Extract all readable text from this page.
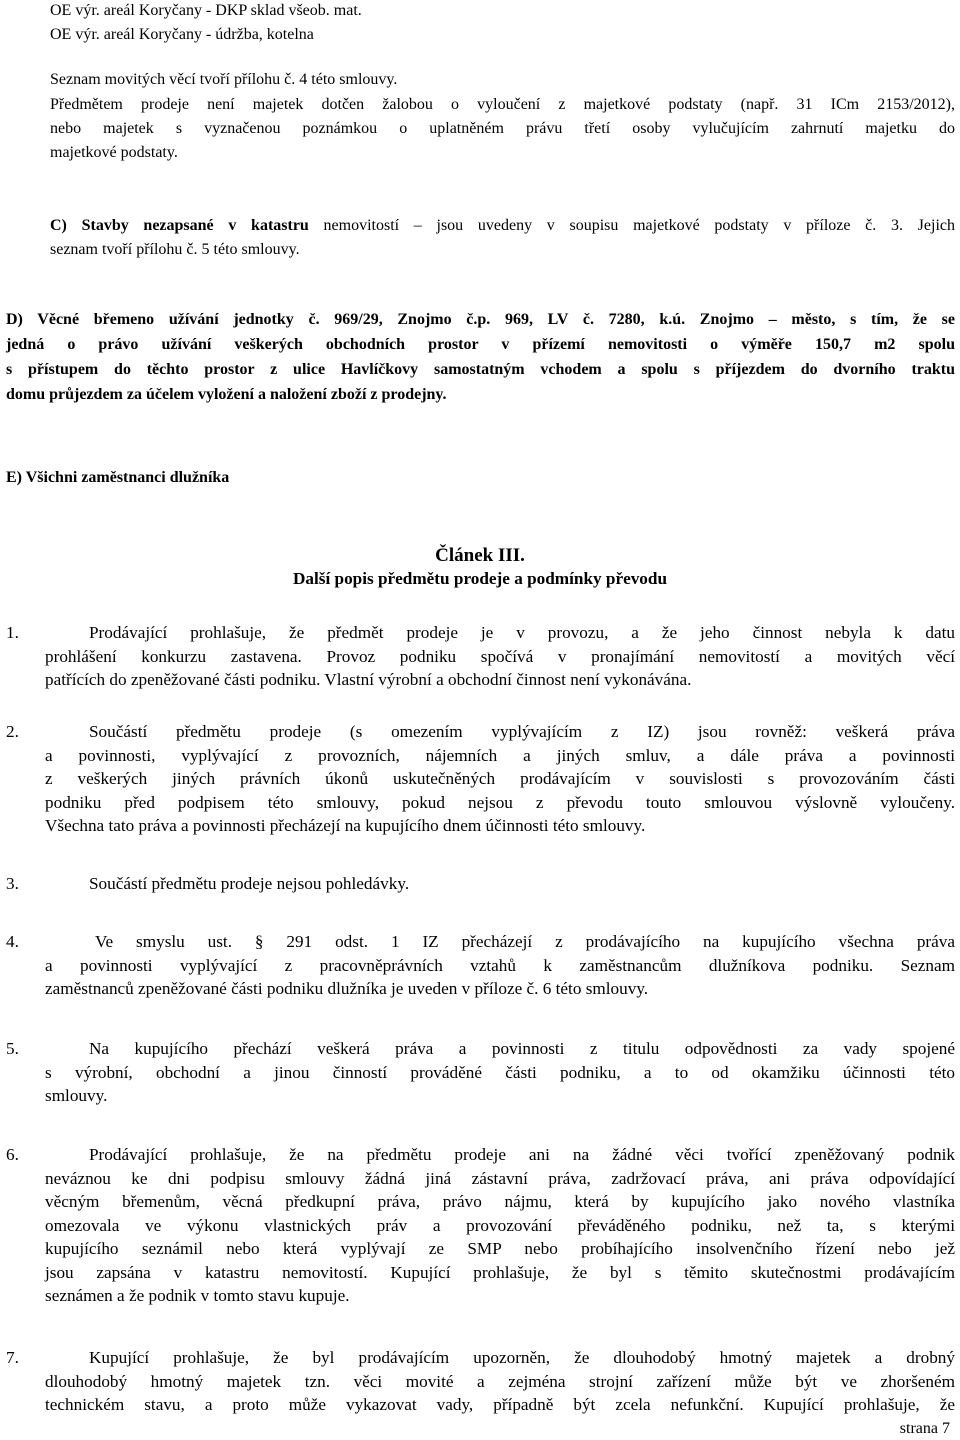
OE výr. areál Koryčany - DKP sklad všeob. mat.
OE výr. areál Koryčany - údržba, kotelna
Seznam movitých věcí tvoří přílohu č. 4 této smlouvy.
Předmětem prodeje není majetek dotčen žalobou o vyloučení z majetkové podstaty (např. 31 ICm 2153/2012),
nebo majetek s vyznačenou poznámkou o uplatněném právu třetí osoby vylučujícím zahrnutí majetku do
majetkové podstaty.
C) Stavby nezapsané v katastru nemovitostí – jsou uvedeny v soupisu majetkové podstaty v příloze č. 3. Jejich
seznam tvoří přílohu č. 5 této smlouvy.
D) Věcné břemeno užívání jednotky č. 969/29, Znojmo č.p. 969, LV č. 7280, k.ú. Znojmo – město, s tím, že se
jedná o právo užívání veškerých obchodních prostor v přízemí nemovitosti o výměře 150,7 m2 spolu
s přístupem do těchto prostor z ulice Havlíčkovy samostatným vchodem a spolu s příjezdem do dvorního traktu
domu průjezdem za účelem vyložení a naložení zboží z prodejny.
E) Všichni zaměstnanci dlužníka
Článek III.
Další popis předmětu prodeje a podmínky převodu
1.	Prodávající prohlašuje, že předmět prodeje je v provozu, a že jeho činnost nebyla k datu
prohlášení konkurzu zastavena. Provoz podniku spočívá v pronajímání nemovitostí a movitých věcí
patřících do zpeněžované části podniku. Vlastní výrobní a obchodní činnost není vykonávána.
2.	Součástí předmětu prodeje (s omezením vyplývajícím z IZ) jsou rovněž: veškerá práva
a povinnosti, vyplývající z provozních, nájemních a jiných smluv, a dále práva a povinnosti
z veškerých jiných právních úkonů uskutečněných prodávajícím v souvislosti s provozováním části
podniku před podpisem této smlouvy, pokud nejsou z převodu touto smlouvou výslovně vyloučeny.
Všechna tato práva a povinnosti přecházejí na kupujícího dnem účinnosti této smlouvy.
3.	Součástí předmětu prodeje nejsou pohledávky.
4.	Ve smyslu ust. § 291 odst. 1 IZ přecházejí z prodávajícího na kupujícího všechna práva
a povinnosti vyplývající z pracovněprávních vztahů k zaměstnancům dlužníkova podniku. Seznam
zaměstnanců zpeněžované části podniku dlužníka je uveden v příloze č. 6 této smlouvy.
5.	Na kupujícího přechází veškerá práva a povinnosti z titulu odpovědnosti za vady spojené
s výrobní, obchodní a jinou činností prováděné části podniku, a to od okamžiku účinnosti této
smlouvy.
6.	Prodávající prohlašuje, že na předmětu prodeje ani na žádné věci tvořící zpeněžovaný podnik
neváznou ke dni podpisu smlouvy žádná jiná zástavní práva, zadržovací práva, ani práva odpovídající
věcným břemenům, věcná předkupní práva, právo nájmu, která by kupujícího jako nového vlastníka
omezovala ve výkonu vlastnických práv a provozování převáděného podniku, než ta, s kterými
kupujícího seznámil nebo která vyplývají ze SMP nebo probíhajícího insolvenčního řízení nebo jež
jsou zapsána v katastru nemovitostí. Kupující prohlašuje, že byl s těmito skutečnostmi prodávajícím
seznámen a že podnik v tomto stavu kupuje.
7.	Kupující prohlašuje, že byl prodávajícím upozorněn, že dlouhodobý hmotný majetek a drobný
dlouhodobý hmotný majetek tzn. věci movité a zejména strojní zařízení může být ve zhoršeném
technickém stavu, a proto může vykazovat vady, případně být zcela nefunkční. Kupující prohlašuje, že
strana 7
